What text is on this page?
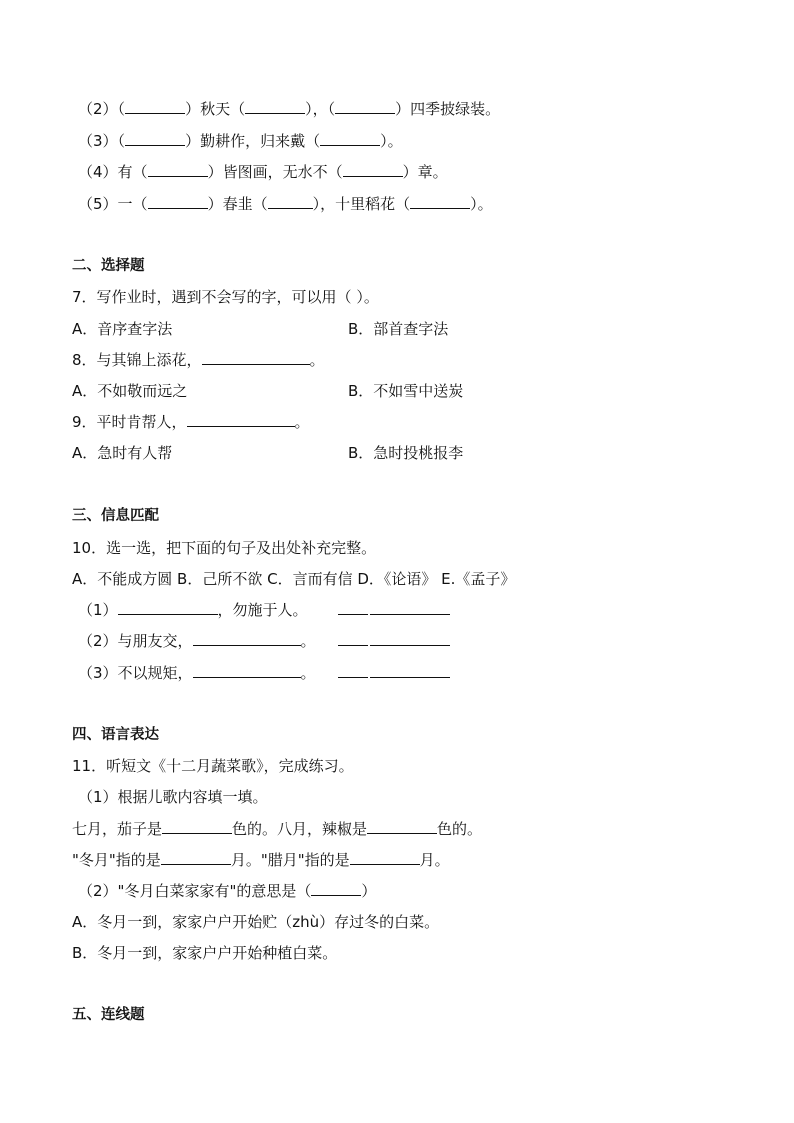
（2）（	）秋天（	），（	）四季披绿装。
（3）（	）勤耕作，归来戴（	）。
（4）有（	）皆图画，无水不（	）章。
（5）一（	）春韭（	），十里稻花（	）。
二、选择题
7．写作业时，遇到不会写的字，可以用（ ）。
A．音序查字法	B．部首查字法
8．与其锦上添花，	。
A．不如敬而远之	B．不如雪中送炭
9．平时肯帮人，	。
A．急时有人帮	B．急时投桃报李
三、信息匹配
10．选一选，把下面的句子及出处补充完整。
A．不能成方圆 B．己所不欲 C．言而有信 D．《论语》 E.《孟子》
（1）	，勿施于人。
（2）与朋友交，	。
（3）不以规矩，	。
四、语言表达
11．听短文《十二月蔬菜歌》，完成练习。
（1）根据儿歌内容填一填。
七月，茄子是	色的。八月，辣椒是	色的。
"冬月"指的是	月。"腊月"指的是	月。
（2）"冬月白菜家家有"的意思是（	）
A．冬月一到，家家户户开始贮（zhù）存过冬的白菜。
B．冬月一到，家家户户开始种植白菜。
五、连线题
